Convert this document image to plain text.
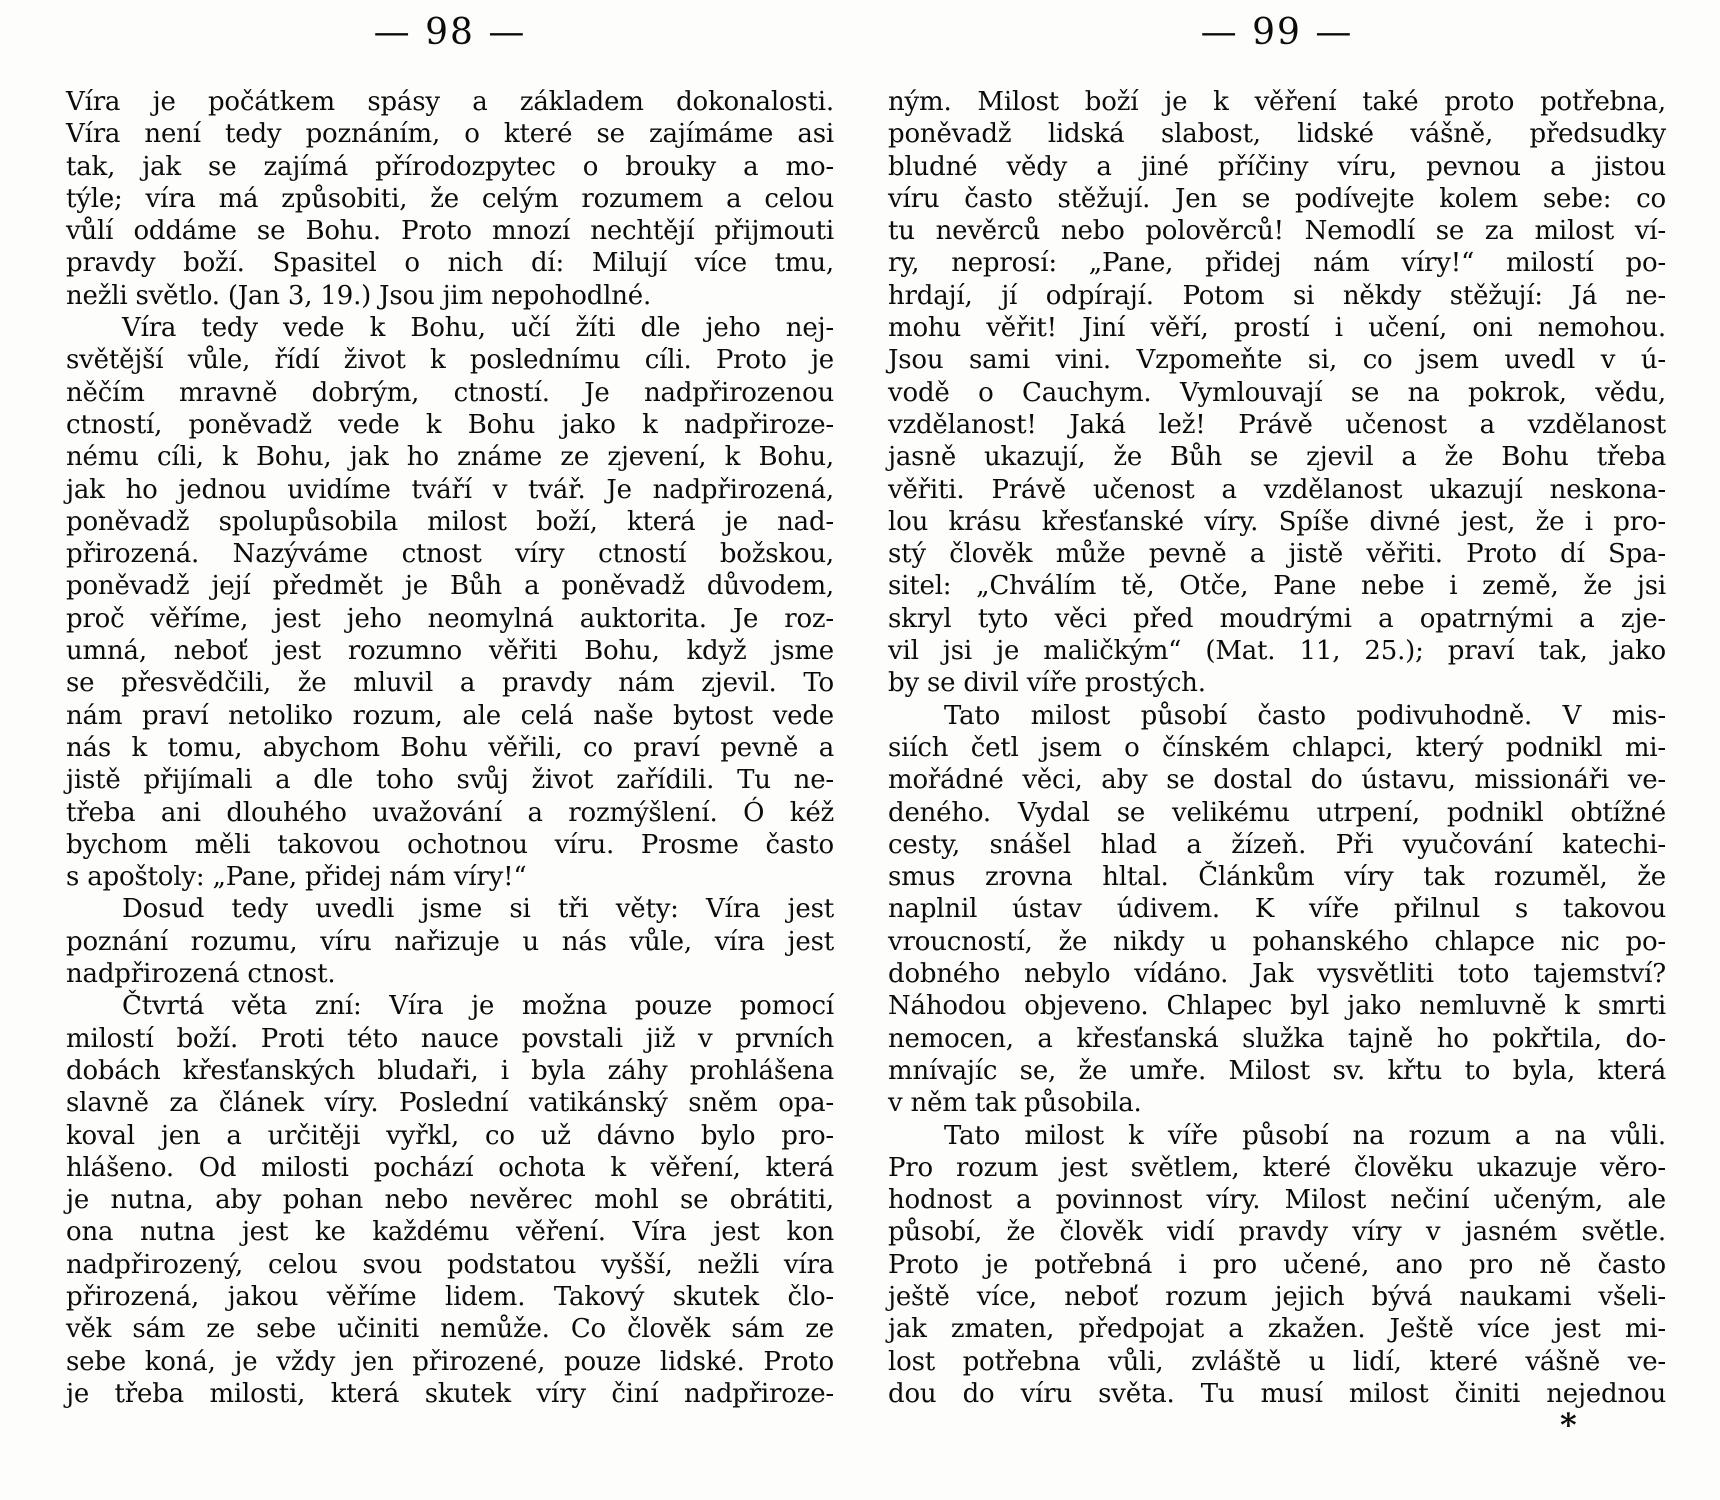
— 98 —	— 99 —
Víra je počátkem spásy a základem dokonalosti.
Víra není tedy poznáním, o které se zajímáme asi
tak, jak se zajímá přírodozpytec o brouky a mo-
týle; víra má způsobiti, že celým rozumem a celou
vůlí oddáme se Bohu. Proto mnozí nechtějí přijmouti
pravdy boží. Spasitel o nich dí: Milují více tmu,
nežli světlo. (Jan 3, 19.) Jsou jim nepohodlné.
Víra tedy vede k Bohu, učí žíti dle jeho nej-
světější vůle, řídí život k poslednímu cíli. Proto je
něčím mravně dobrým, ctností. Je nadpřirozenou
ctností, poněvadž vede k Bohu jako k nadpřiroze-
nému cíli, k Bohu, jak ho známe ze zjevení, k Bohu,
jak ho jednou uvidíme tváří v tvář. Je nadpřirozená,
poněvadž spolupůsobila milost boží, která je nad-
přirozená. Nazýváme ctnost víry ctností božskou,
poněvadž její předmět je Bůh a poněvadž důvodem,
proč věříme, jest jeho neomylná auktorita. Je roz-
umná, neboť jest rozumno věřiti Bohu, když jsme
se přesvědčili, že mluvil a pravdy nám zjevil. To
nám praví netoliko rozum, ale celá naše bytost vede
nás k tomu, abychom Bohu věřili, co praví pevně a
jistě přijímali a dle toho svůj život zařídili. Tu ne-
třeba ani dlouhého uvažování a rozmýšlení. Ó kéž
bychom měli takovou ochotnou víru. Prosme často
s apoštoly: „Pane, přidej nám víry!“
Dosud tedy uvedli jsme si tři věty: Víra jest
poznání rozumu, víru nařizuje u nás vůle, víra jest
nadpřirozená ctnost.
Čtvrtá věta zní: Víra je možna pouze pomocí
milostí boží. Proti této nauce povstali již v prvních
dobách křesťanských bludaři, i byla záhy prohlášena
slavně za článek víry. Poslední vatikánský sněm opa-
koval jen a určitěji vyřkl, co už dávno bylo pro-
hlášeno. Od milosti pochází ochota k věření, která
je nutna, aby pohan nebo nevěrec mohl se obrátiti,
ona nutna jest ke každému věření. Víra jest kon
nadpřirozený, celou svou podstatou vyšší, nežli víra
přirozená, jakou věříme lidem. Takový skutek člo-
věk sám ze sebe učiniti nemůže. Co člověk sám ze
sebe koná, je vždy jen přirozené, pouze lidské. Proto
je třeba milosti, která skutek víry činí nadpřiroze-
ným. Milost boží je k věření také proto potřebna,
poněvadž lidská slabost, lidské vášně, předsudky
bludné vědy a jiné příčiny víru, pevnou a jistou
víru často stěžují. Jen se podívejte kolem sebe: co
tu nevěrců nebo polověrců! Nemodlí se za milost ví-
ry, neprosí: „Pane, přidej nám víry!“ milostí po-
hrdají, jí odpírají. Potom si někdy stěžují: Já ne-
mohu věřit! Jiní věří, prostí i učení, oni nemohou.
Jsou sami vini. Vzpomeňte si, co jsem uvedl v ú-
vodě o Cauchym. Vymlouvají se na pokrok, vědu,
vzdělanost! Jaká lež! Právě učenost a vzdělanost
jasně ukazují, že Bůh se zjevil a že Bohu třeba
věřiti. Právě učenost a vzdělanost ukazují neskona-
lou krásu křesťanské víry. Spíše divné jest, že i pro-
stý člověk může pevně a jistě věřiti. Proto dí Spa-
sitel: „Chválím tě, Otče, Pane nebe i země, že jsi
skryl tyto věci před moudrými a opatrnými a zje-
vil jsi je maličkým“ (Mat. 11, 25.); praví tak, jako
by se divil víře prostých.
Tato milost působí často podivuhodně. V mis-
siích četl jsem o čínském chlapci, který podnikl mi-
mořádné věci, aby se dostal do ústavu, missionáři ve-
deného. Vydal se velikému utrpení, podnikl obtížné
cesty, snášel hlad a žízeň. Při vyučování katechi-
smus zrovna hltal. Článkům víry tak rozuměl, že
naplnil ústav údivem. K víře přilnul s takovou
vroucností, že nikdy u pohanského chlapce nic po-
dobného nebylo vídáno. Jak vysvětliti toto tajemství?
Náhodou objeveno. Chlapec byl jako nemluvně k smrti
nemocen, a křesťanská služka tajně ho pokřtila, do-
mnívajíc se, že umře. Milost sv. křtu to byla, která
v něm tak působila.
Tato milost k víře působí na rozum a na vůli.
Pro rozum jest světlem, které člověku ukazuje věro-
hodnost a povinnost víry. Milost nečiní učeným, ale
působí, že člověk vidí pravdy víry v jasném světle.
Proto je potřebná i pro učené, ano pro ně často
ještě více, neboť rozum jejich bývá naukami všeli-
jak zmaten, předpojat a zkažen. Ještě více jest mi-
lost potřebna vůli, zvláště u lidí, které vášně ve-
dou do víru světa. Tu musí milost činiti nejednou
*
